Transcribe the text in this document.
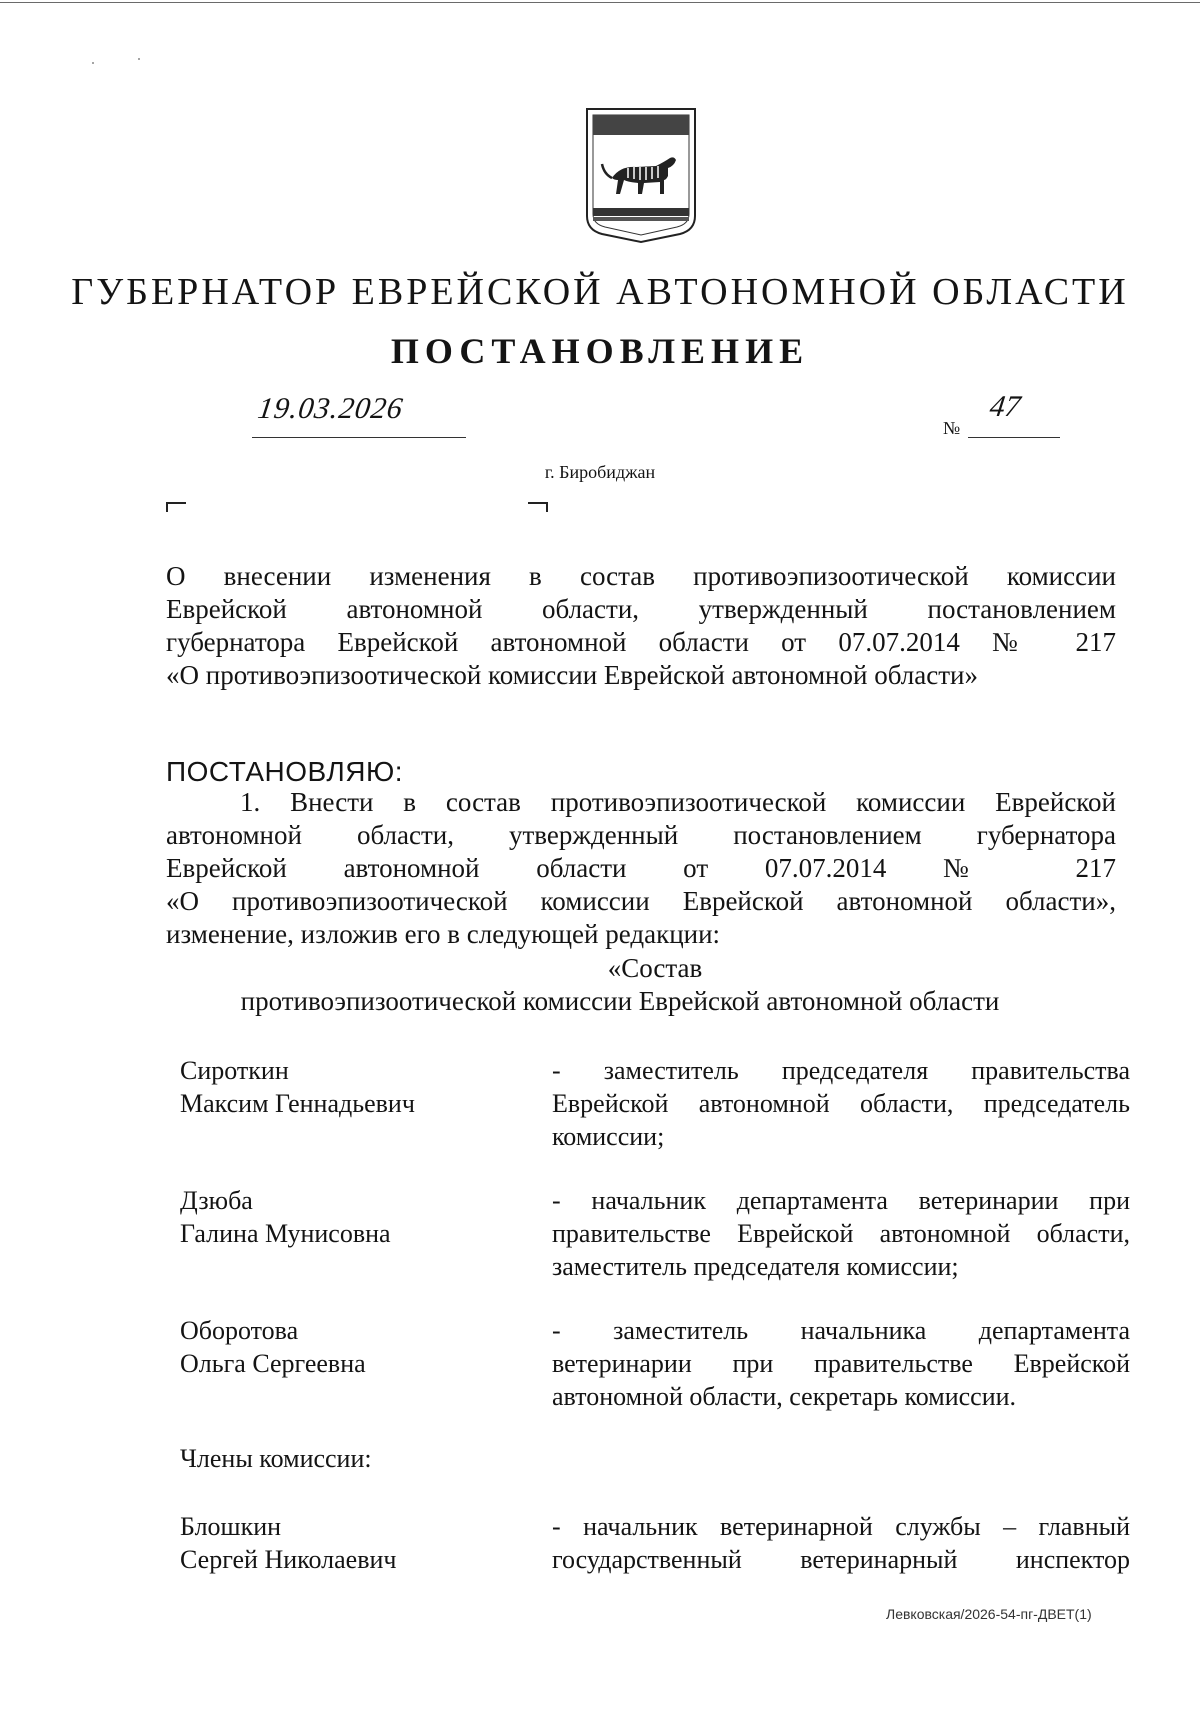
ГУБЕРНАТОР ЕВРЕЙСКОЙ АВТОНОМНОЙ ОБЛАСТИ
ПОСТАНОВЛЕНИЕ
19.03.2026
№
47
г. Биробиджан
О внесении изменения в состав противоэпизоотической комиссии
Еврейской автономной области, утвержденный постановлением
губернатора Еврейской автономной области от 07.07.2014 № 217
«О противоэпизоотической комиссии Еврейской автономной области»
ПОСТАНОВЛЯЮ:
1. Внести в состав противоэпизоотической комиссии Еврейской
автономной области, утвержденный постановлением губернатора
Еврейской автономной области от 07.07.2014 № 217
«О противоэпизоотической комиссии Еврейской автономной области»,
изменение, изложив его в следующей редакции:
«Состав
противоэпизоотической комиссии Еврейской автономной области
Сироткин
Максим Геннадьевич
- заместитель председателя правительства
Еврейской автономной области, председатель
комиссии;
Дзюба
Галина Мунисовна
- начальник департамента ветеринарии при
правительстве Еврейской автономной области,
заместитель председателя комиссии;
Оборотова
Ольга Сергеевна
- заместитель начальника департамента
ветеринарии при правительстве Еврейской
автономной области, секретарь комиссии.
Члены комиссии:
Блошкин
Сергей Николаевич
- начальник ветеринарной службы – главный
государственный ветеринарный инспектор
Левковская/2026-54-пг-ДВЕТ(1)
